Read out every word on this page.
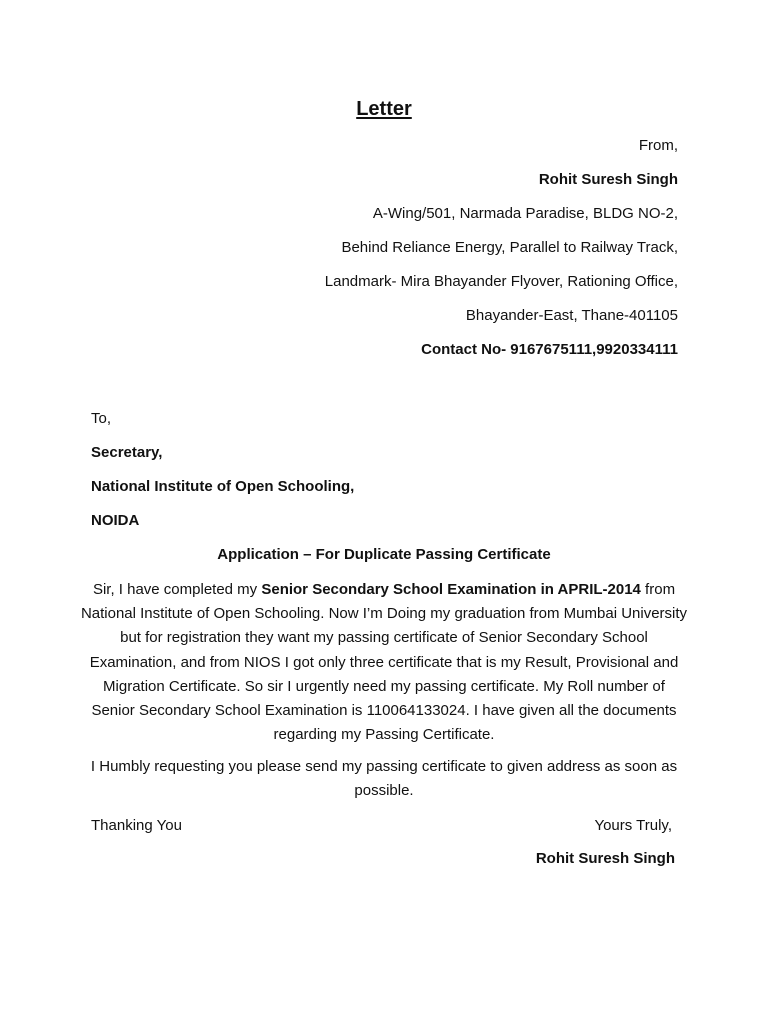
Letter
From,
Rohit Suresh Singh
A-Wing/501, Narmada Paradise, BLDG NO-2,
Behind Reliance Energy, Parallel to Railway Track,
Landmark- Mira Bhayander Flyover, Rationing Office,
Bhayander-East, Thane-401105
Contact No- 9167675111,9920334111
To,
Secretary,
National Institute of Open Schooling,
NOIDA
Application – For Duplicate Passing Certificate
Sir, I have completed my Senior Secondary School Examination in APRIL-2014 from National Institute of Open Schooling. Now I’m Doing my graduation from Mumbai University but for registration they want my passing certificate of Senior Secondary School Examination, and from NIOS I got only three certificate that is my Result, Provisional and Migration Certificate. So sir I urgently need my passing certificate. My Roll number of Senior Secondary School Examination is 110064133024. I have given all the documents regarding my Passing Certificate.
I Humbly requesting you please send my passing certificate to given address as soon as possible.
Thanking You	Yours Truly,
Rohit Suresh Singh
